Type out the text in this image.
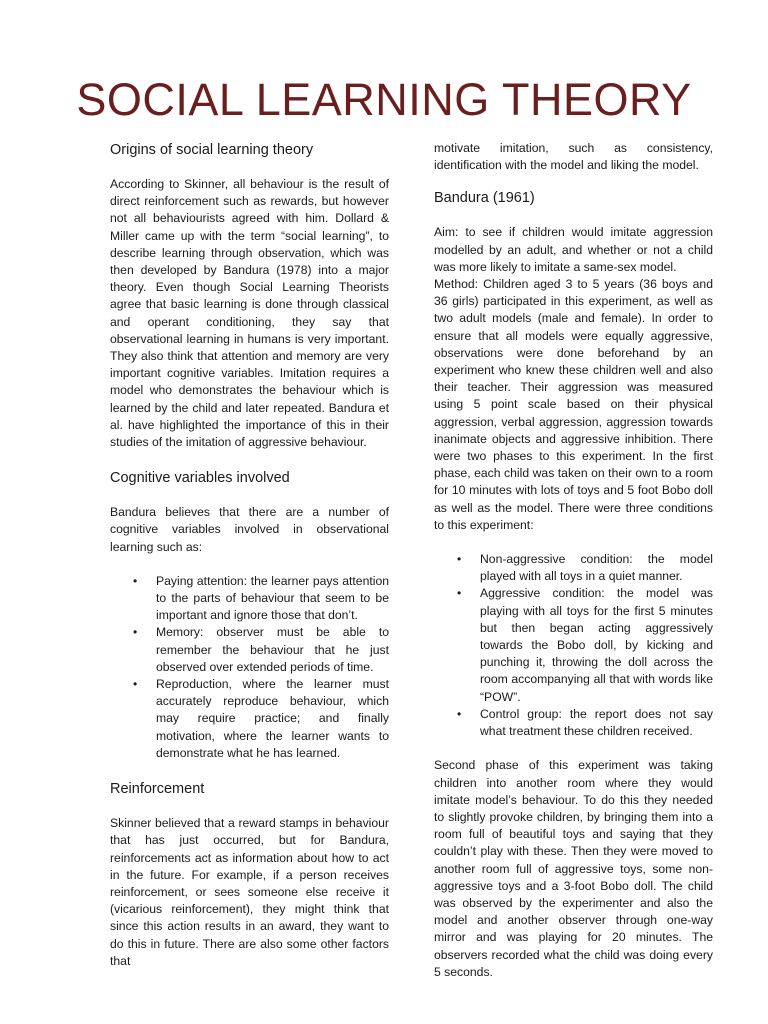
SOCIAL LEARNING THEORY
Origins of social learning theory

According to Skinner, all behaviour is the result of direct reinforcement such as rewards, but however not all behaviourists agreed with him. Dollard & Miller came up with the term “social learning”, to describe learning through observation, which was then developed by Bandura (1978) into a major theory. Even though Social Learning Theorists agree that basic learning is done through classical and operant conditioning, they say that observational learning in humans is very important. They also think that attention and memory are very important cognitive variables. Imitation requires a model who demonstrates the behaviour which is learned by the child and later repeated. Bandura et al. have highlighted the importance of this in their studies of the imitation of aggressive behaviour.

Cognitive variables involved

Bandura believes that there are a number of cognitive variables involved in observational learning such as:

• Paying attention: the learner pays attention to the parts of behaviour that seem to be important and ignore those that don’t.
• Memory: observer must be able to remember the behaviour that he just observed over extended periods of time.
• Reproduction, where the learner must accurately reproduce behaviour, which may require practice; and finally motivation, where the learner wants to demonstrate what he has learned.
Reinforcement

Skinner believed that a reward stamps in behaviour that has just occurred, but for Bandura, reinforcements act as information about how to act in the future. For example, if a person receives reinforcement, or sees someone else receive it (vicarious reinforcement), they might think that since this action results in an award, they want to do this in future. There are also some other factors that

motivate imitation, such as consistency, identification with the model and liking the model.

Bandura (1961)

Aim: to see if children would imitate aggression modelled by an adult, and whether or not a child was more likely to imitate a same-sex model.

Method: Children aged 3 to 5 years (36 boys and 36 girls) participated in this experiment, as well as two adult models (male and female). In order to ensure that all models were equally aggressive, observations were done beforehand by an experiment who knew these children well and also their teacher. Their aggression was measured using 5 point scale based on their physical aggression, verbal aggression, aggression towards inanimate objects and aggressive inhibition. There were two phases to this experiment. In the first phase, each child was taken on their own to a room for 10 minutes with lots of toys and 5 foot Bobo doll as well as the model. There were three conditions to this experiment:

• Non-aggressive condition: the model played with all toys in a quiet manner.
• Aggressive condition: the model was playing with all toys for the first 5 minutes but then began acting aggressively towards the Bobo doll, by kicking and punching it, throwing the doll across the room accompanying all that with words like “POW”.
• Control group: the report does not say what treatment these children received.

Second phase of this experiment was taking children into another room where they would imitate model’s behaviour. To do this they needed to slightly provoke children, by bringing them into a room full of beautiful toys and saying that they couldn’t play with these. Then they were moved to another room full of aggressive toys, some non-aggressive toys and a 3-foot Bobo doll. The child was observed by the experimenter and also the model and another observer through one-way mirror and was playing for 20 minutes. The observers recorded what the child was doing every 5 seconds.
